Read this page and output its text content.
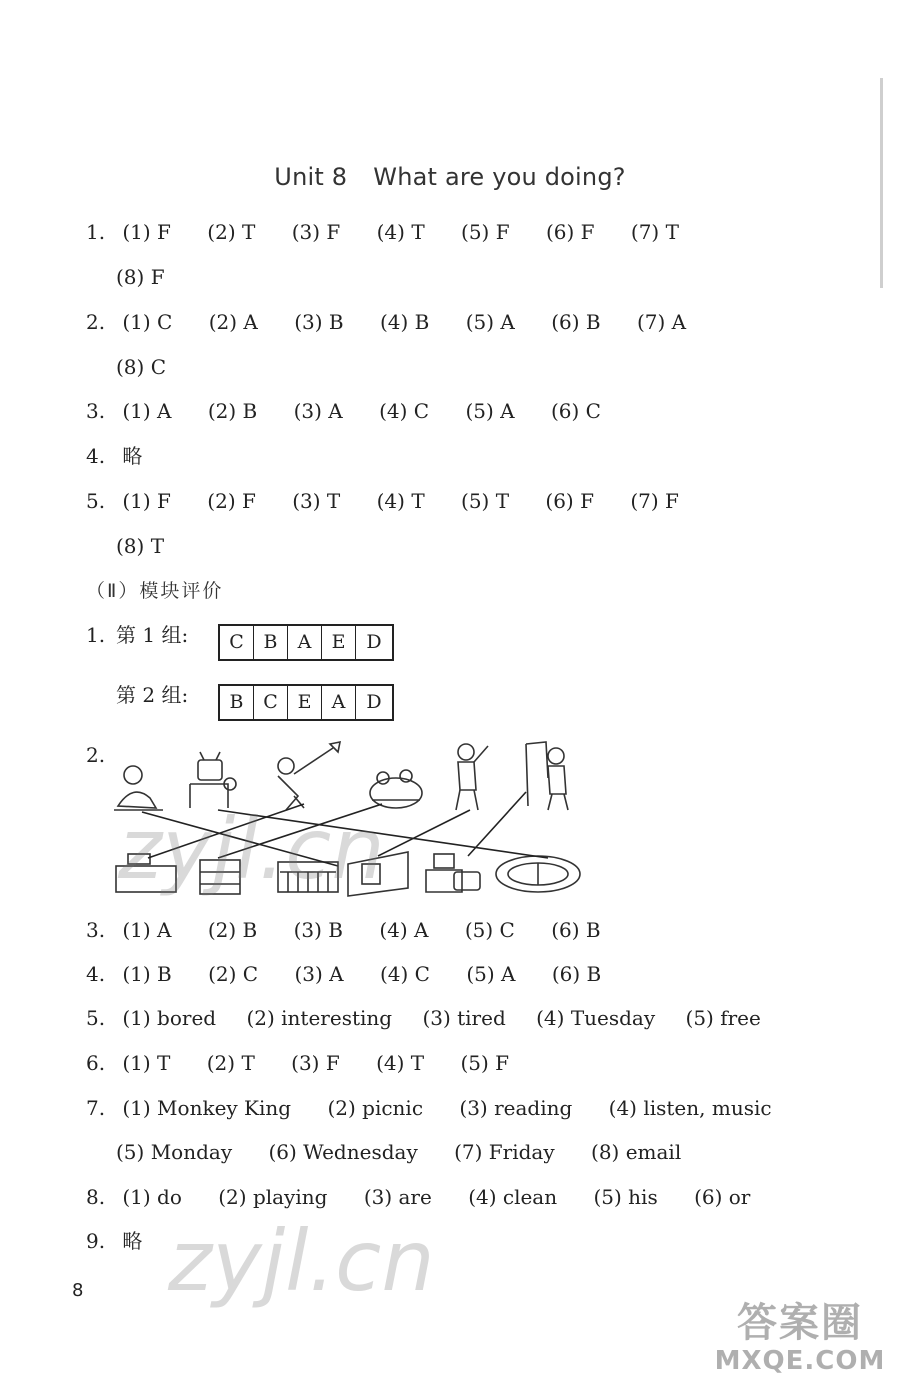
Unit 8 What are you doing?
1. (1) F (2) T (3) F (4) T (5) F (6) F (7) T
(8) F
2. (1) C (2) A (3) B (4) B (5) A (6) B (7) A
(8) C
3. (1) A (2) B (3) A (4) C (5) A (6) C
4. 略
5. (1) F (2) F (3) T (4) T (5) T (6) F (7) F
(8) T
（Ⅱ）模块评价
1. 第 1 组:	C	B	A	E	D
第 2 组:	B	C	E	A	D
2.
3. (1) A (2) B (3) B (4) A (5) C (6) B
4. (1) B (2) C (3) A (4) C (5) A (6) B
5. (1) bored (2) interesting (3) tired (4) Tuesday (5) free
6. (1) T (2) T (3) F (4) T (5) F
7. (1) Monkey King (2) picnic (3) reading (4) listen, music
(5) Monday (6) Wednesday (7) Friday (8) email
8. (1) do (2) playing (3) are (4) clean (5) his (6) or
9. 略
8
zyjl.cn
zyjl.cn
答案圈
MXQE.COM
